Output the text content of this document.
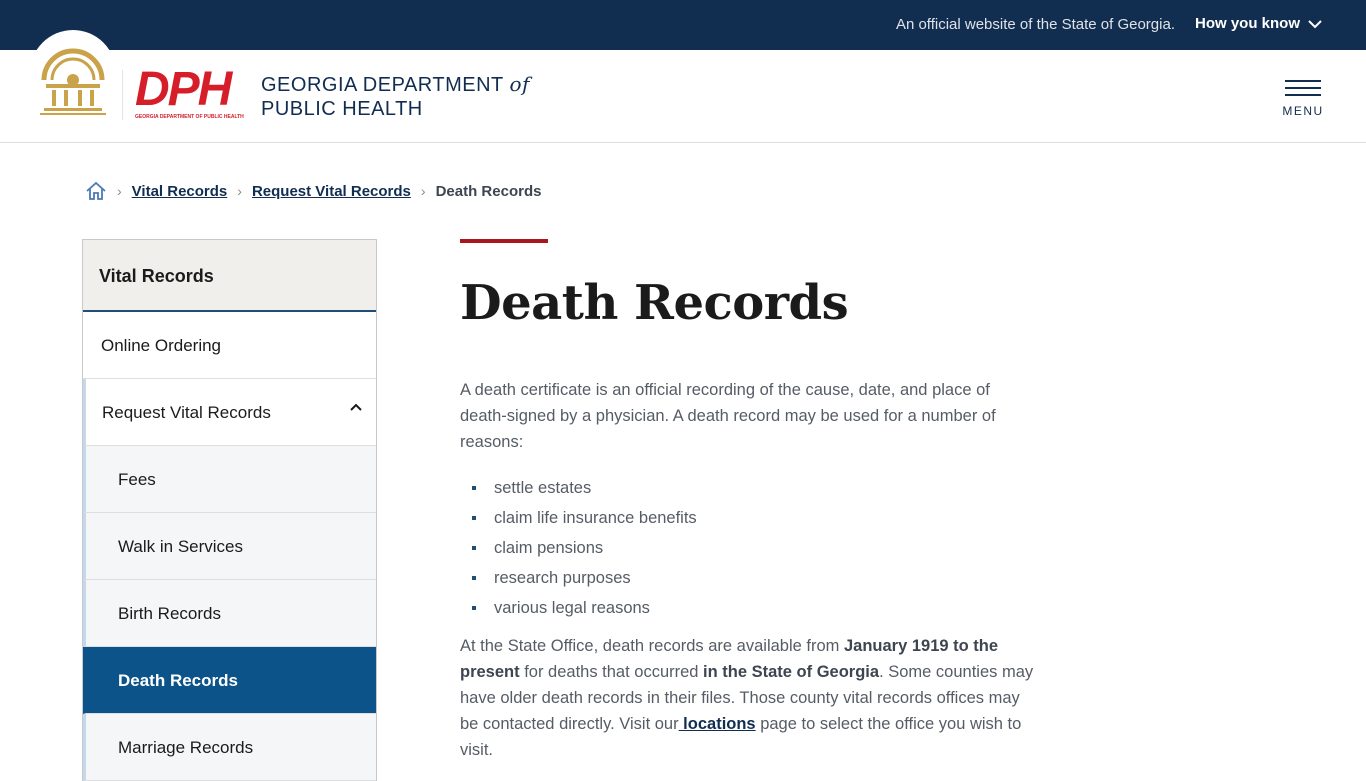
An official website of the State of Georgia. How you know
DPH
GEORGIA DEPARTMENT OF PUBLIC HEALTH
GEORGIA DEPARTMENT of
PUBLIC HEALTH	MENU
› Vital Records › Request Vital Records › Death Records
Vital Records
Online Ordering
Request Vital Records
Fees
Walk in Services
Birth Records
Death Records
Marriage Records
Death Records

A death certificate is an official recording of the cause, date, and place of death-signed by a physician. A death record may be used for a number of reasons:

settle estates
claim life insurance benefits
claim pensions
research purposes
various legal reasons

At the State Office, death records are available from January 1919 to the present for deaths that occurred in the State of Georgia. Some counties may have older death records in their files. Those county vital records offices may be contacted directly. Visit our locations page to select the office you wish to visit.
